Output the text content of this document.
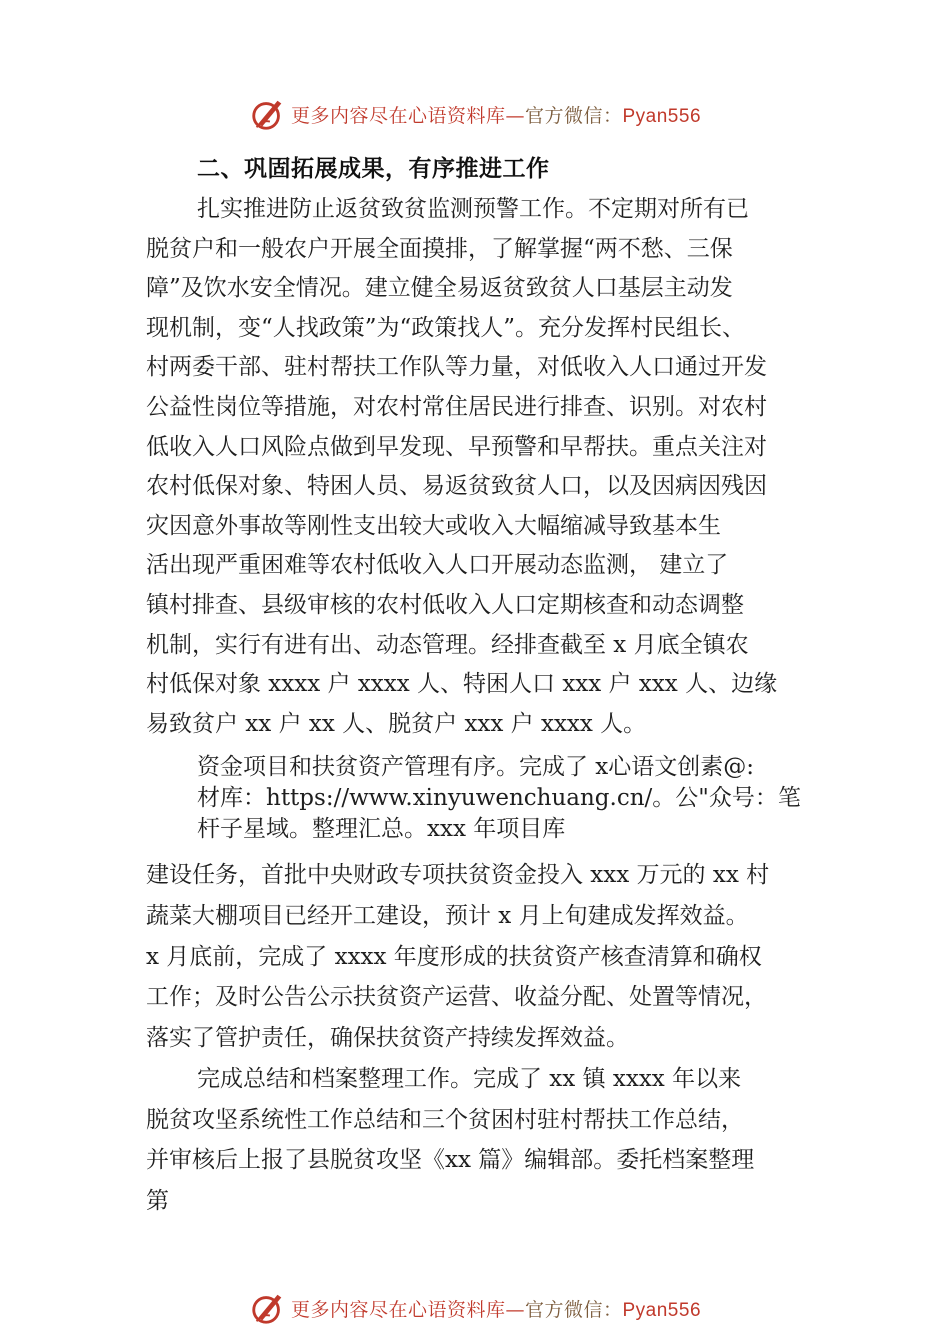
更多内容尽在心语资料库—官方微信：Pyan556
二、巩固拓展成果，有序推进工作
扎实推进防止返贫致贫监测预警工作。不定期对所有已
脱贫户和一般农户开展全面摸排，了解掌握“两不愁、三保
障”及饮水安全情况。建立健全易返贫致贫人口基层主动发
现机制，变“人找政策”为“政策找人”。充分发挥村民组长、
村两委干部、驻村帮扶工作队等力量，对低收入人口通过开发
公益性岗位等措施，对农村常住居民进行排查、识别。对农村
低收入人口风险点做到早发现、早预警和早帮扶。重点关注对
农村低保对象、特困人员、易返贫致贫人口，以及因病因残因
灾因意外事故等刚性支出较大或收入大幅缩减导致基本生
活出现严重困难等农村低收入人口开展动态监测， 建立了
镇村排查、县级审核的农村低收入人口定期核查和动态调整
机制，实行有进有出、动态管理。经排查截至 x 月底全镇农
村低保对象 xxxx 户 xxxx 人、特困人口 xxx 户 xxx 人、边缘
易致贫户 xx 户 xx 人、脱贫户 xxx 户 xxxx 人。
资金项目和扶贫资产管理有序。完成了 x心语文创素@:
材库：https://www.xinyuwenchuang.cn/。公"众号：笔
杆子星域。整理汇总。xxx 年项目库
建设任务，首批中央财政专项扶贫资金投入 xxx 万元的 xx 村
蔬菜大棚项目已经开工建设，预计 x 月上旬建成发挥效益。
x 月底前，完成了 xxxx 年度形成的扶贫资产核查清算和确权
工作；及时公告公示扶贫资产运营、收益分配、处置等情况，
落实了管护责任，确保扶贫资产持续发挥效益。
完成总结和档案整理工作。完成了 xx 镇 xxxx 年以来
脱贫攻坚系统性工作总结和三个贫困村驻村帮扶工作总结，
并审核后上报了县脱贫攻坚《xx 篇》编辑部。委托档案整理
第
更多内容尽在心语资料库—官方微信：Pyan556
